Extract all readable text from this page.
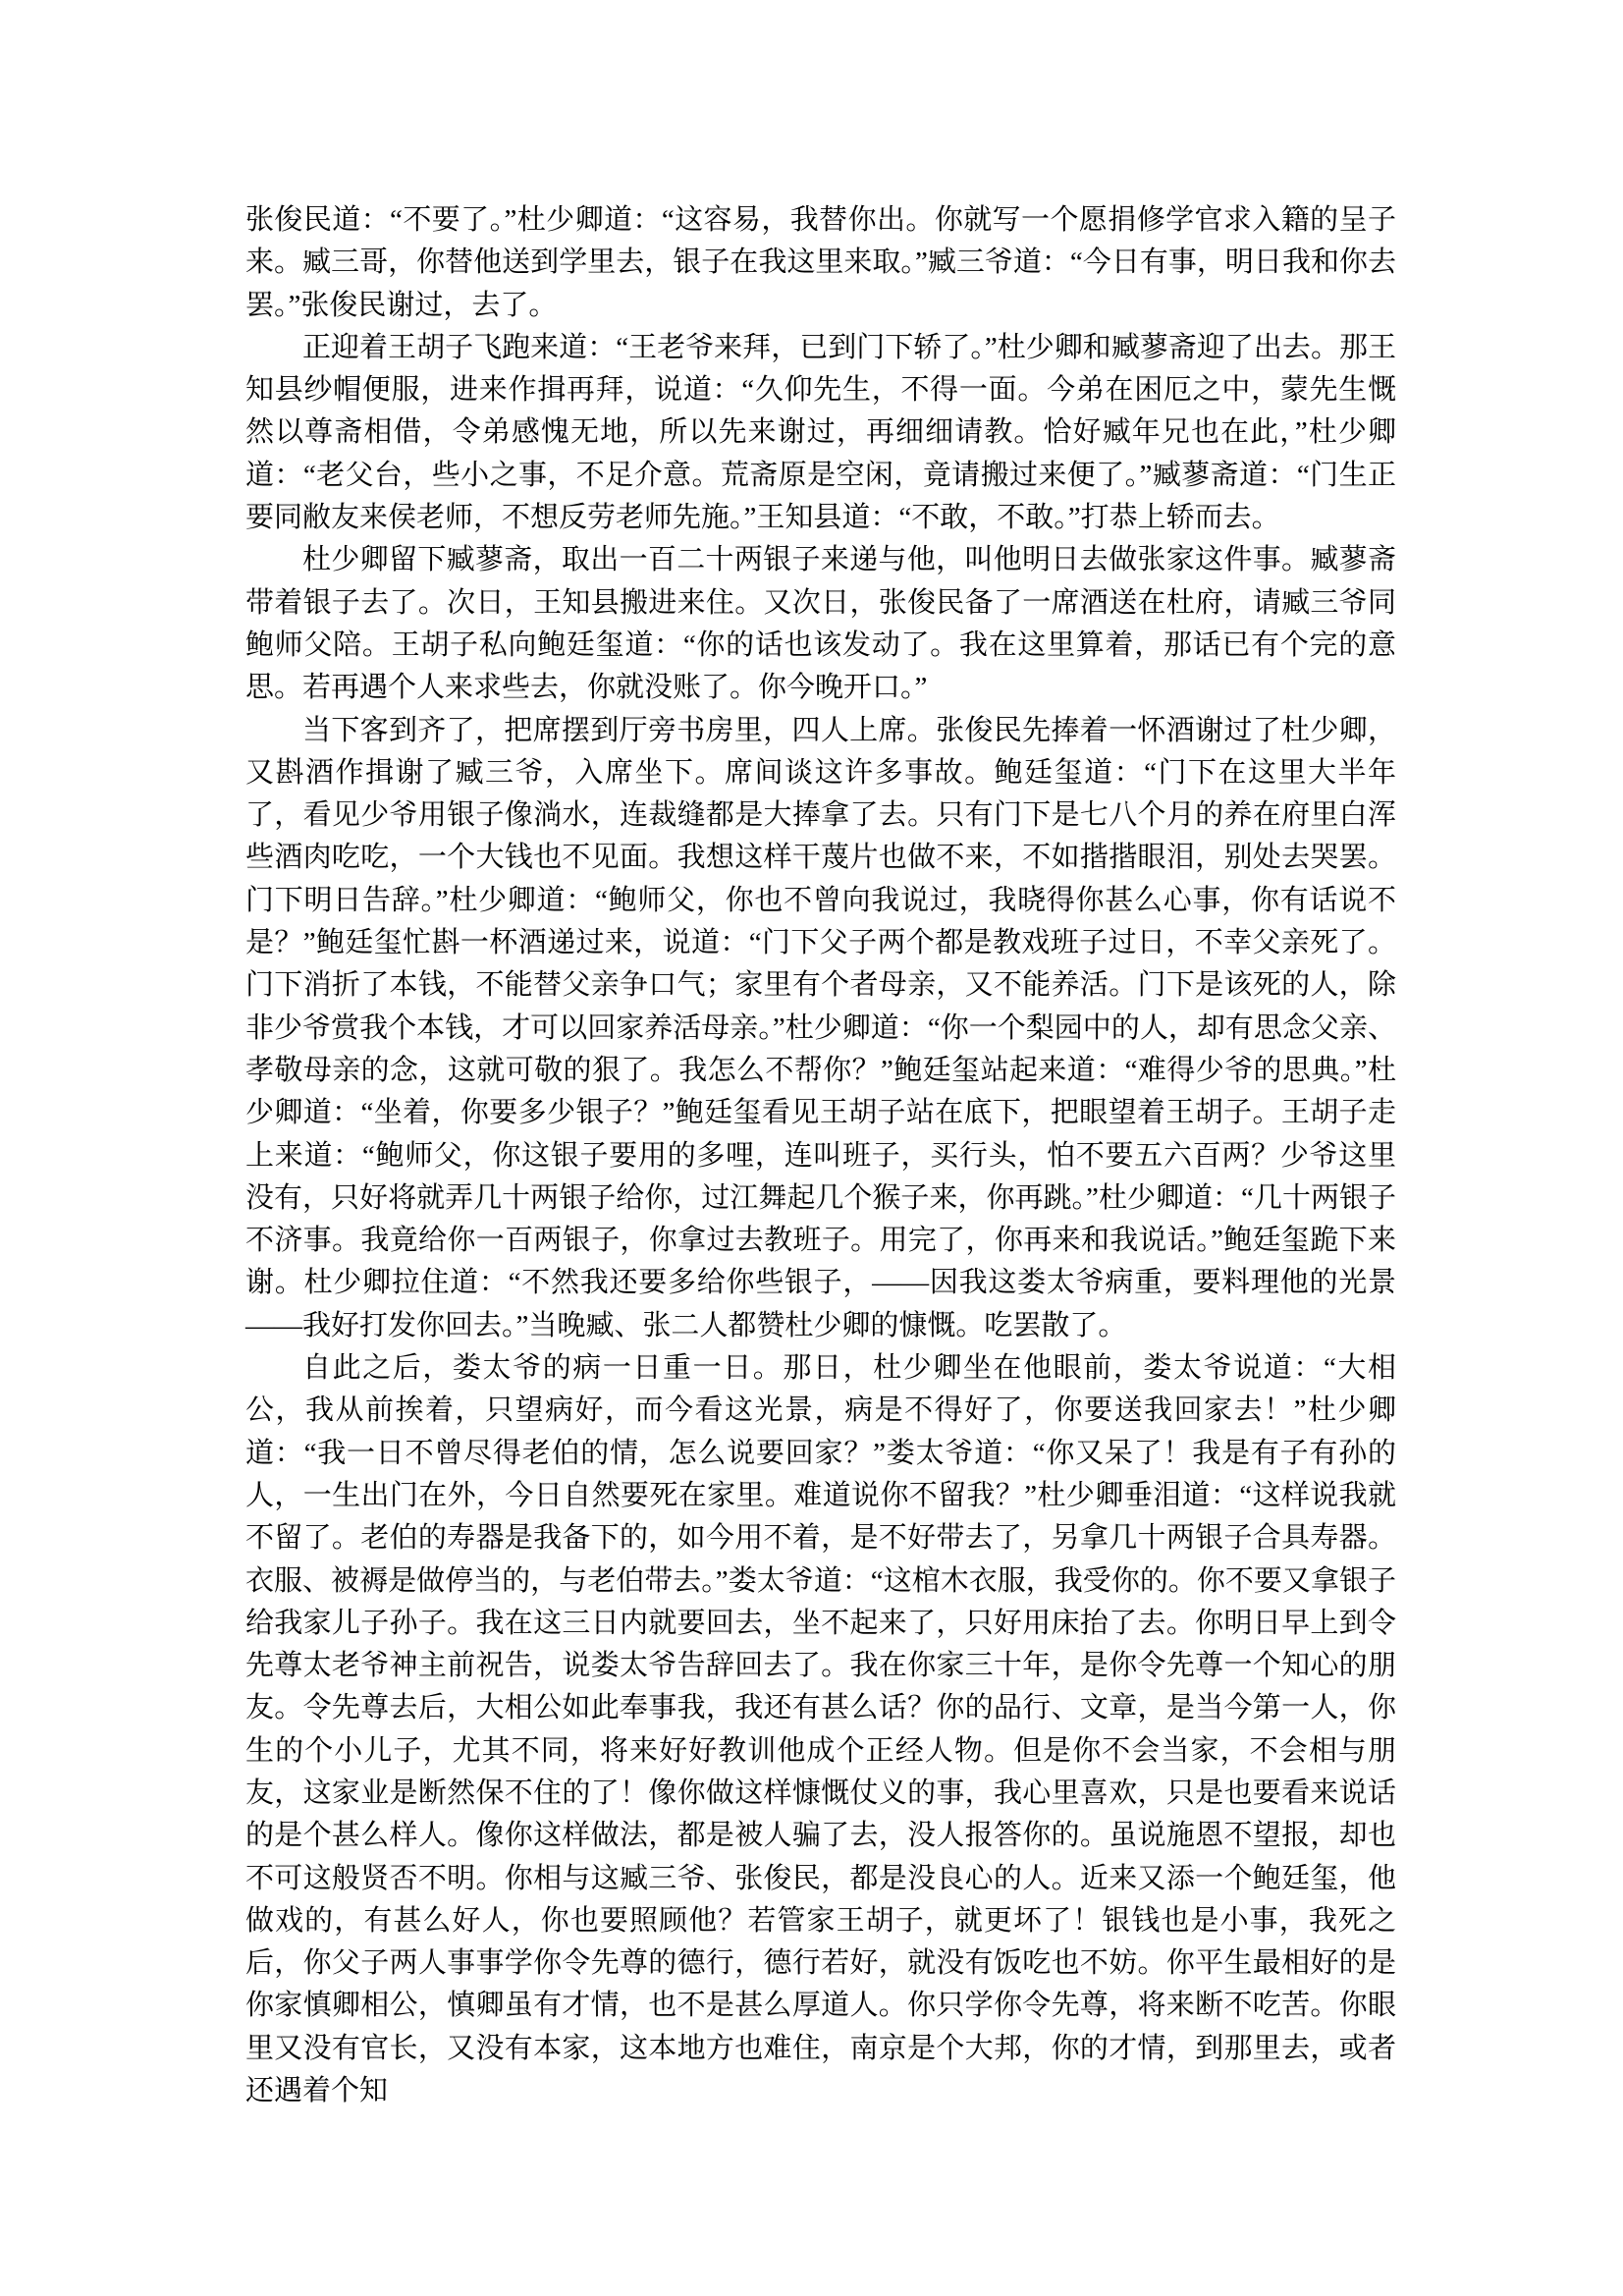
张俊民道：“不要了。”杜少卿道：“这容易，我替你出。你就写一个愿捐修学官求入籍的呈子来。臧三哥，你替他送到学里去，银子在我这里来取。”臧三爷道：“今日有事，明日我和你去罢。”张俊民谢过，去了。

正迎着王胡子飞跑来道：“王老爷来拜，已到门下轿了。”杜少卿和臧蓼斋迎了出去。那王知县纱帽便服，进来作揖再拜，说道：“久仰先生，不得一面。今弟在困厄之中，蒙先生慨然以尊斋相借，令弟感愧无地，所以先来谢过，再细细请教。恰好臧年兄也在此，”杜少卿道：“老父台，些小之事，不足介意。荒斋原是空闲，竟请搬过来便了。”臧蓼斋道：“门生正要同敝友来侯老师，不想反劳老师先施。”王知县道：“不敢，不敢。”打恭上轿而去。

杜少卿留下臧蓼斋，取出一百二十两银子来递与他，叫他明日去做张家这件事。臧蓼斋带着银子去了。次日，王知县搬进来住。又次日，张俊民备了一席酒送在杜府，请臧三爷同鲍师父陪。王胡子私向鲍廷玺道：“你的话也该发动了。我在这里算着，那话已有个完的意思。若再遇个人来求些去，你就没账了。你今晚开口。”

当下客到齐了，把席摆到厅旁书房里，四人上席。张俊民先捧着一怀酒谢过了杜少卿，又斟酒作揖谢了臧三爷，入席坐下。席间谈这许多事故。鲍廷玺道：“门下在这里大半年了，看见少爷用银子像淌水，连裁缝都是大捧拿了去。只有门下是七八个月的养在府里白浑些酒肉吃吃，一个大钱也不见面。我想这样干蔑片也做不来，不如揩揩眼泪，别处去哭罢。门下明日告辞。”杜少卿道：“鲍师父，你也不曾向我说过，我晓得你甚么心事，你有话说不是？”鲍廷玺忙斟一杯酒递过来，说道：“门下父子两个都是教戏班子过日，不幸父亲死了。门下消折了本钱，不能替父亲争口气；家里有个者母亲，又不能养活。门下是该死的人，除非少爷赏我个本钱，才可以回家养活母亲。”杜少卿道：“你一个梨园中的人，却有思念父亲、孝敬母亲的念，这就可敬的狠了。我怎么不帮你？”鲍廷玺站起来道：“难得少爷的思典。”杜少卿道：“坐着，你要多少银子？”鲍廷玺看见王胡子站在底下，把眼望着王胡子。王胡子走上来道：“鲍师父，你这银子要用的多哩，连叫班子，买行头，怕不要五六百两？少爷这里没有，只好将就弄几十两银子给你，过江舞起几个猴子来，你再跳。”杜少卿道：“几十两银子不济事。我竟给你一百两银子，你拿过去教班子。用完了，你再来和我说话。”鲍廷玺跪下来谢。杜少卿拉住道：“不然我还要多给你些银子，——因我这娄太爷病重，要料理他的光景——我好打发你回去。”当晚臧、张二人都赞杜少卿的慷慨。吃罢散了。

自此之后，娄太爷的病一日重一日。那日，杜少卿坐在他眼前，娄太爷说道：“大相公，我从前挨着，只望病好，而今看这光景，病是不得好了，你要送我回家去！”杜少卿道：“我一日不曾尽得老伯的情，怎么说要回家？”娄太爷道：“你又呆了！我是有子有孙的人，一生出门在外，今日自然要死在家里。难道说你不留我？”杜少卿垂泪道：“这样说我就不留了。老伯的寿器是我备下的，如今用不着，是不好带去了，另拿几十两银子合具寿器。衣服、被褥是做停当的，与老伯带去。”娄太爷道：“这棺木衣服，我受你的。你不要又拿银子给我家儿子孙子。我在这三日内就要回去，坐不起来了，只好用床抬了去。你明日早上到令先尊太老爷神主前祝告，说娄太爷告辞回去了。我在你家三十年，是你令先尊一个知心的朋友。令先尊去后，大相公如此奉事我，我还有甚么话？你的品行、文章，是当今第一人，你生的个小儿子，尤其不同，将来好好教训他成个正经人物。但是你不会当家，不会相与朋友，这家业是断然保不住的了！像你做这样慷慨仗义的事，我心里喜欢，只是也要看来说话的是个甚么样人。像你这样做法，都是被人骗了去，没人报答你的。虽说施恩不望报，却也不可这般贤否不明。你相与这臧三爷、张俊民，都是没良心的人。近来又添一个鲍廷玺，他做戏的，有甚么好人，你也要照顾他？若管家王胡子，就更坏了！银钱也是小事，我死之后，你父子两人事事学你令先尊的德行，德行若好，就没有饭吃也不妨。你平生最相好的是你家慎卿相公，慎卿虽有才情，也不是甚么厚道人。你只学你令先尊，将来断不吃苦。你眼里又没有官长，又没有本家，这本地方也难住，南京是个大邦，你的才情，到那里去，或者还遇着个知
